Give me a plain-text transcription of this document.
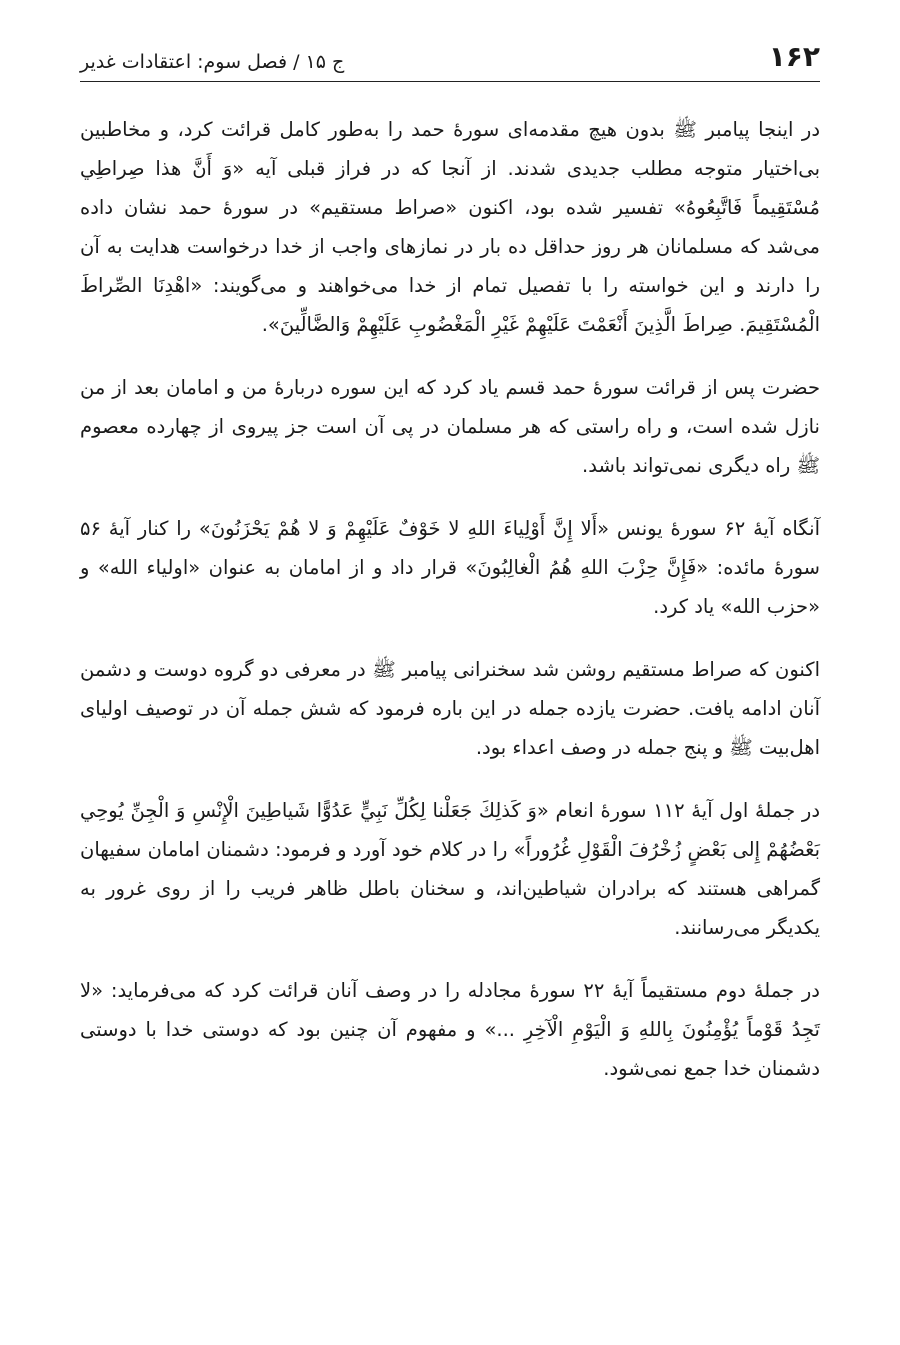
۱۶۲
ج ۱۵ / فصل سوم: اعتقادات غدیر

در اینجا پیامبر ﷺ بدون هیچ مقدمه‌ای سورهٔ حمد را به‌طور کامل قرائت کرد، و مخاطبین بی‌اختیار متوجه مطلب جدیدی شدند. از آنجا که در فراز قبلی آیه «وَ أَنَّ هذا صِراطِي مُسْتَقِيماً فَاتَّبِعُوهُ» تفسیر شده بود، اکنون «صراط مستقیم» در سورهٔ حمد نشان داده می‌شد که مسلمانان هر روز حداقل ده بار در نمازهای واجب از خدا درخواست هدایت به آن را دارند و این خواسته را با تفصیل تمام از خدا می‌خواهند و می‌گویند: «اهْدِنَا الصِّراطَ الْمُسْتَقِيمَ. صِراطَ الَّذِينَ أَنْعَمْتَ عَلَيْهِمْ غَيْرِ الْمَغْضُوبِ عَلَيْهِمْ وَالضَّالِّينَ».

حضرت پس از قرائت سورهٔ حمد قسم یاد کرد که این سوره دربارهٔ من و امامان بعد از من نازل شده است، و راه راستی که هر مسلمان در پی آن است جز پیروی از چهارده معصوم ﷺ راه دیگری نمی‌تواند باشد.

آنگاه آیهٔ ۶۲ سورهٔ یونس «أَلا إِنَّ أَوْلِياءَ اللهِ لا خَوْفٌ عَلَيْهِمْ وَ لا هُمْ يَحْزَنُونَ» را کنار آیهٔ ۵۶ سورهٔ مائده: «فَإِنَّ حِزْبَ اللهِ هُمُ الْغالِبُونَ» قرار داد و از امامان به عنوان «اولیاء الله» و «حزب الله» یاد کرد.

اکنون که صراط مستقیم روشن شد سخنرانی پیامبر ﷺ در معرفی دو گروه دوست و دشمن آنان ادامه یافت. حضرت یازده جمله در این باره فرمود که شش جمله آن در توصیف اولیای اهل‌بیت ﷺ و پنج جمله در وصف اعداء بود.

در جملهٔ اول آیهٔ ۱۱۲ سورهٔ انعام «وَ كَذلِكَ جَعَلْنا لِكُلِّ نَبِيٍّ عَدُوًّا شَياطِينَ الْإِنْسِ وَ الْجِنِّ يُوحِي بَعْضُهُمْ إِلى بَعْضٍ زُخْرُفَ الْقَوْلِ غُرُوراً» را در کلام خود آورد و فرمود: دشمنان امامان سفیهان گمراهی هستند که برادران شیاطین‌اند، و سخنان باطل ظاهر فریب را از روی غرور به یکدیگر می‌رسانند.

در جملهٔ دوم مستقیماً آیهٔ ۲۲ سورهٔ مجادله را در وصف آنان قرائت کرد که می‌فرماید: «لا تَجِدُ قَوْماً يُؤْمِنُونَ بِاللهِ وَ الْيَوْمِ الْآخِرِ ...» و مفهوم آن چنین بود که دوستی خدا با دوستی دشمنان خدا جمع نمی‌شود.
